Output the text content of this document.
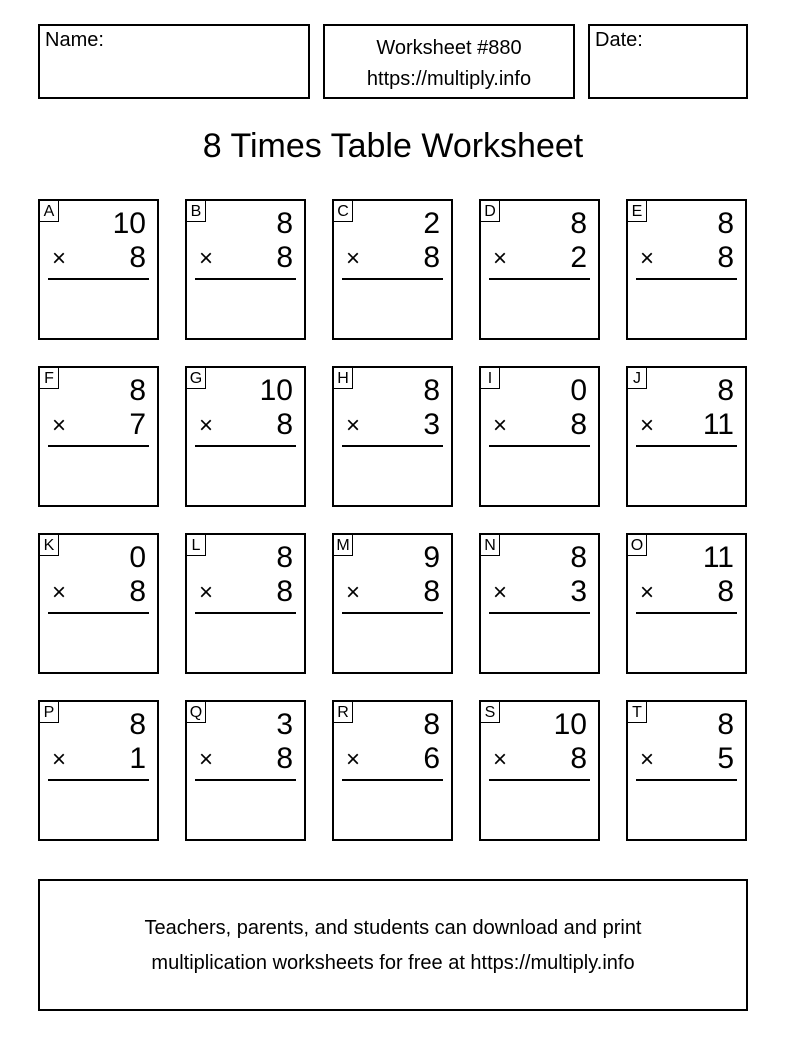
Name:	Worksheet #880
https://multiply.info
Date:
8 Times Table Worksheet
A 10
× 8
B 8
× 8
C 2
× 8
D 8
× 2
E 8
× 8
F	8
× 7
G 10
× 8
H 8
× 3
I	0
× 8
J	8
× 11
K 0
× 8
L	8
× 8
M 9
× 8
N 8
× 3
O 11
× 8
P 8
× 1
Q 3
× 8
R 8
× 6
S 10
× 8
T	8
× 5
Teachers, parents, and students can download and print
multiplication worksheets for free at https://multiply.info
